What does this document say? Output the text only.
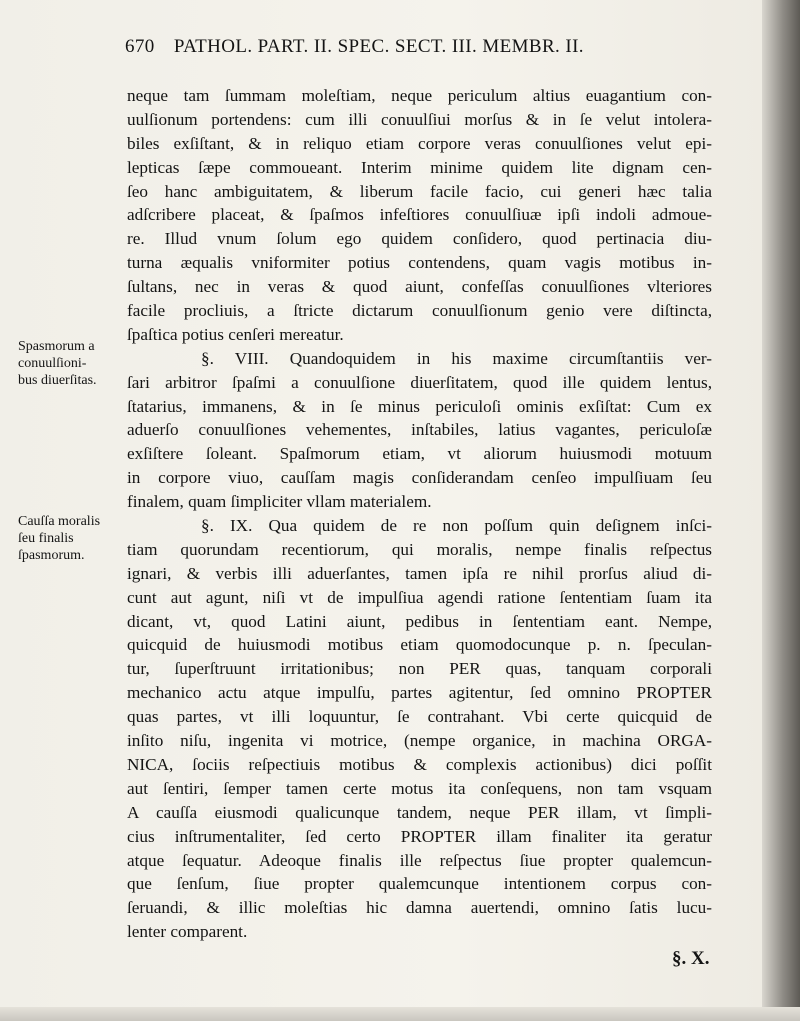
670 PATHOL. PART. II. SPEC. SECT. III. MEMBR. II.
neque tam ſummam moleſtiam, neque periculum altius euagantium con-
uulſionum portendens: cum illi conuulſiui morſus & in ſe velut intolera-
biles exſiſtant, & in reliquo etiam corpore veras conuulſiones velut epi-
lepticas ſæpe commoueant. Interim minime quidem lite dignam cen-
ſeo hanc ambiguitatem, & liberum facile facio, cui generi hæc talia
adſcribere placeat, & ſpaſmos infeſtiores conuulſiuæ ipſi indoli admoue-
re. Illud vnum ſolum ego quidem conſidero, quod pertinacia diu-
turna æqualis vniformiter potius contendens, quam vagis motibus in-
ſultans, nec in veras & quod aiunt, confeſſas conuulſiones vlteriores
facile procliuis, a ſtricte dictarum conuulſionum genio vere diſtincta,
ſpaſtica potius cenſeri mereatur.
§. VIII. Quandoquidem in his maxime circumſtantiis ver-
ſari arbitror ſpaſmi a conuulſione diuerſitatem, quod ille quidem lentus,
ſtatarius, immanens, & in ſe minus periculoſi ominis exſiſtat: Cum ex
aduerſo conuulſiones vehementes, inſtabiles, latius vagantes, periculoſæ
exſiſtere ſoleant. Spaſmorum etiam, vt aliorum huiusmodi motuum
in corpore viuo, cauſſam magis conſiderandam cenſeo impulſiuam ſeu
finalem, quam ſimpliciter vllam materialem.
§. IX. Qua quidem de re non poſſum quin deſignem inſci-
tiam quorundam recentiorum, qui moralis, nempe finalis reſpectus
ignari, & verbis illi aduerſantes, tamen ipſa re nihil prorſus aliud di-
cunt aut agunt, niſi vt de impulſiua agendi ratione ſententiam ſuam ita
dicant, vt, quod Latini aiunt, pedibus in ſententiam eant. Nempe,
quicquid de huiusmodi motibus etiam quomodocunque p. n. ſpeculan-
tur, ſuperſtruunt irritationibus; non PER quas, tanquam corporali
mechanico actu atque impulſu, partes agitentur, ſed omnino PROPTER
quas partes, vt illi loquuntur, ſe contrahant. Vbi certe quicquid de
inſito niſu, ingenita vi motrice, (nempe organice, in machina ORGA-
NICA, ſociis reſpectiuis motibus & complexis actionibus) dici poſſit
aut ſentiri, ſemper tamen certe motus ita conſequens, non tam vsquam
A cauſſa eiusmodi qualicunque tandem, neque PER illam, vt ſimpli-
cius inſtrumentaliter, ſed certo PROPTER illam finaliter ita geratur
atque ſequatur. Adeoque finalis ille reſpectus ſiue propter qualemcun-
que ſenſum, ſiue propter qualemcunque intentionem corpus con-
ſeruandi, & illic moleſtias hic damna auertendi, omnino ſatis lucu-
lenter comparent.
Spasmorum a
conuulſioni-
bus diuerſitas.
Cauſſa moralis
ſeu finalis
ſpasmorum.
§. X.
